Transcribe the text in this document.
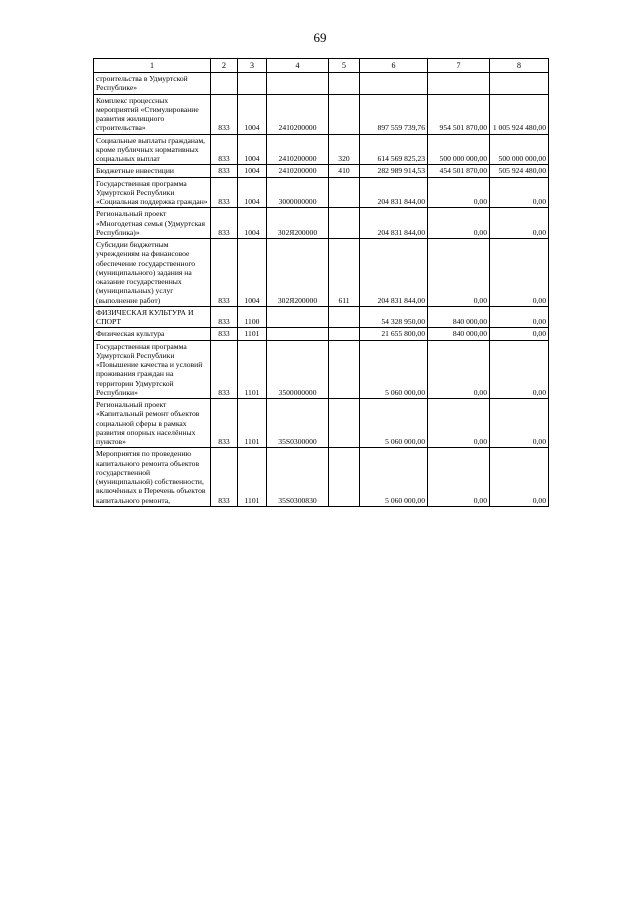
69
1	2	3	4	5	6	7	8
строительства в Удмуртской Республике»							
Комплекс процессных мероприятий «Стимулирование развития жилищного строительства»	833	1004	2410200000		897 559 739,76	954 501 870,00	1 005 924 480,00
Социальные выплаты гражданам, кроме публичных нормативных социальных выплат	833	1004	2410200000	320	614 569 825,23	500 000 000,00	500 000 000,00
Бюджетные инвестиции	833	1004	2410200000	410	282 989 914,53	454 501 870,00	505 924 480,00
Государственная программа Удмуртской Республики «Социальная поддержка граждан»	833	1004	3000000000		204 831 844,00	0,00	0,00
Региональный проект «Многодетная семья (Удмуртская Республика)»	833	1004	302Я200000		204 831 844,00	0,00	0,00
Субсидии бюджетным учреждениям на финансовое обеспечение государственного (муниципального) задания на оказание государственных (муниципальных) услуг (выполнение работ)	833	1004	302Я200000	611	204 831 844,00	0,00	0,00
ФИЗИЧЕСКАЯ КУЛЬТУРА И СПОРТ	833	1100			54 328 950,00	840 000,00	0,00
Физическая культура	833	1101			21 655 800,00	840 000,00	0,00
Государственная программа Удмуртской Республики «Повышение качества и условий проживания граждан на территории Удмуртской Республики»	833	1101	3500000000		5 060 000,00	0,00	0,00
Региональный проект «Капитальный ремонт объектов социальной сферы в рамках развития опорных населённых пунктов»	833	1101	35S0300000		5 060 000,00	0,00	0,00
Мероприятия по проведению капитального ремонта объектов государственной (муниципальной) собственности, включённых в Перечень объектов капитального ремонта,	833	1101	35S0300830		5 060 000,00	0,00	0,00
